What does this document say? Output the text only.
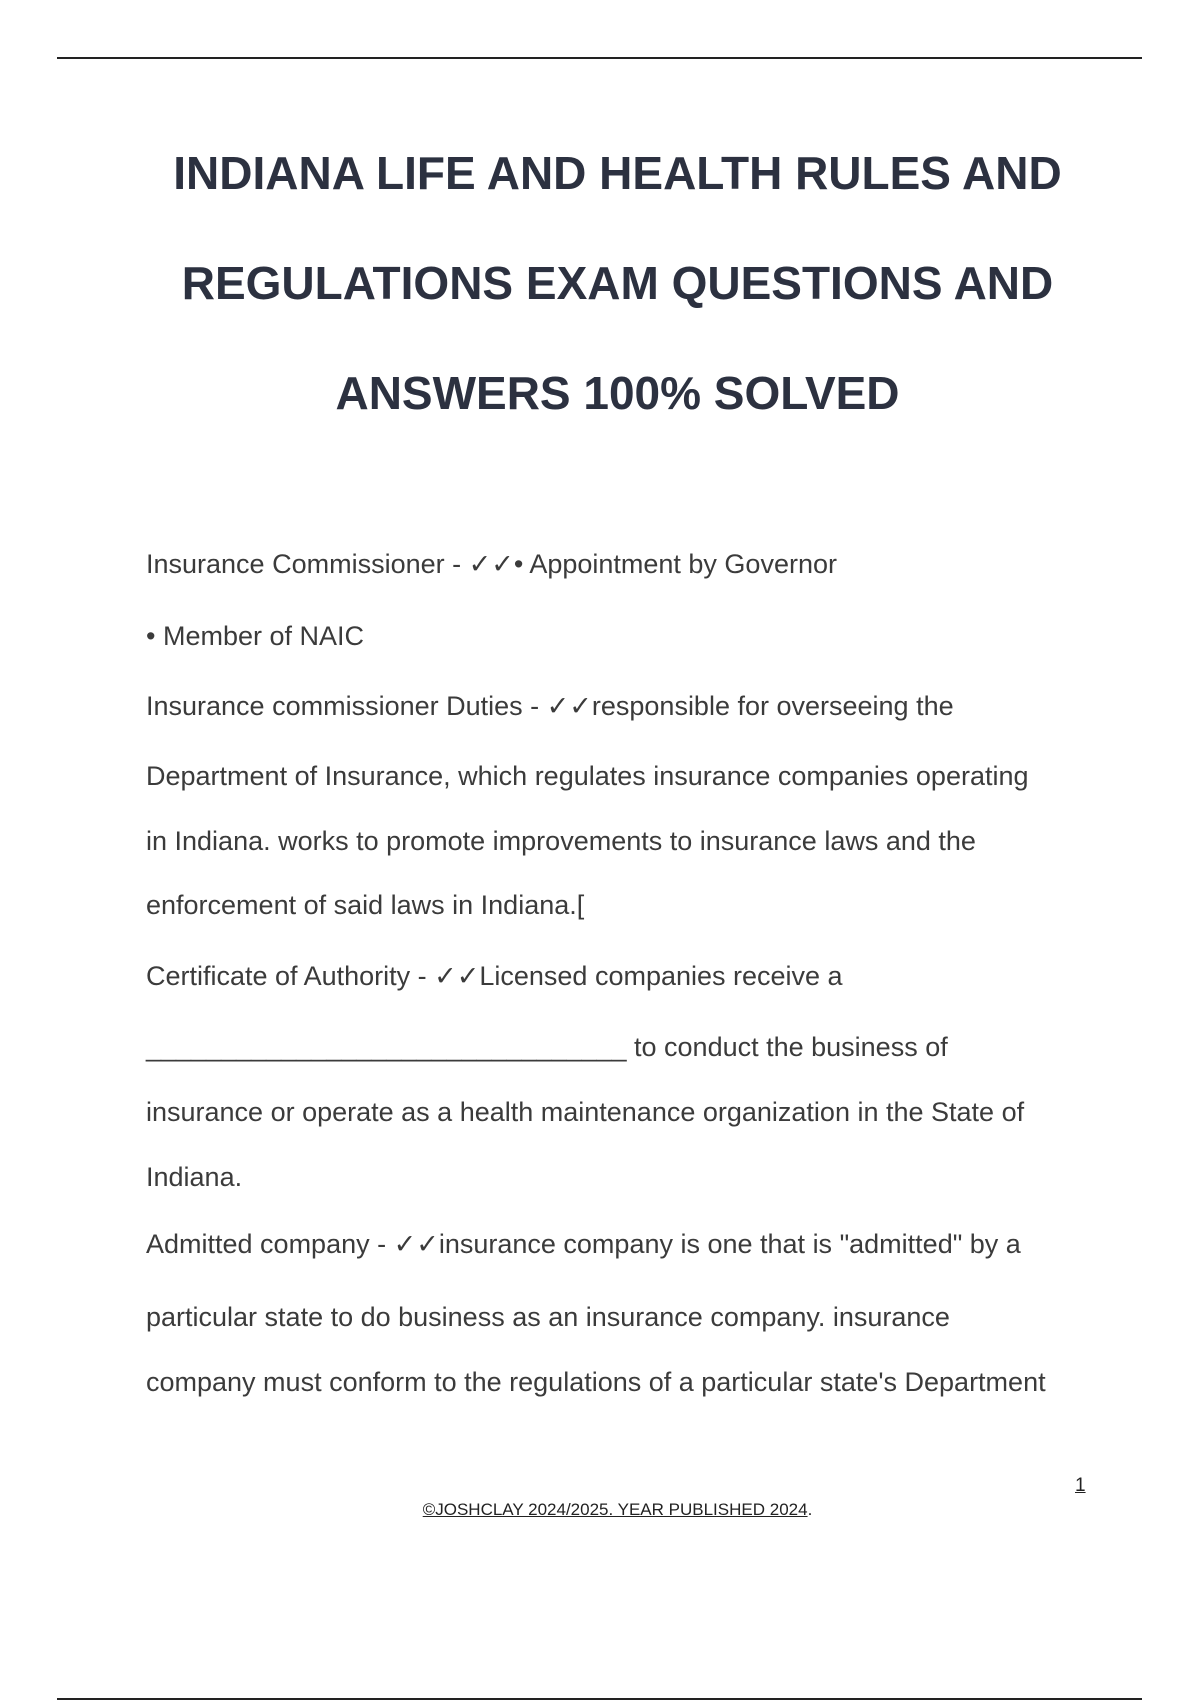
INDIANA LIFE AND HEALTH RULES AND
REGULATIONS EXAM QUESTIONS AND
ANSWERS 100% SOLVED
Insurance Commissioner - ✓✓• Appointment by Governor
• Member of NAIC
Insurance commissioner Duties - ✓✓responsible for overseeing the
Department of Insurance, which regulates insurance companies operating
in Indiana. works to promote improvements to insurance laws and the
enforcement of said laws in Indiana.[
Certificate of Authority - ✓✓Licensed companies receive a
________________________________ to conduct the business of
insurance or operate as a health maintenance organization in the State of
Indiana.
Admitted company - ✓✓insurance company is one that is "admitted" by a
particular state to do business as an insurance company. insurance
company must conform to the regulations of a particular state's Department
1
©JOSHCLAY 2024/2025. YEAR PUBLISHED 2024.
